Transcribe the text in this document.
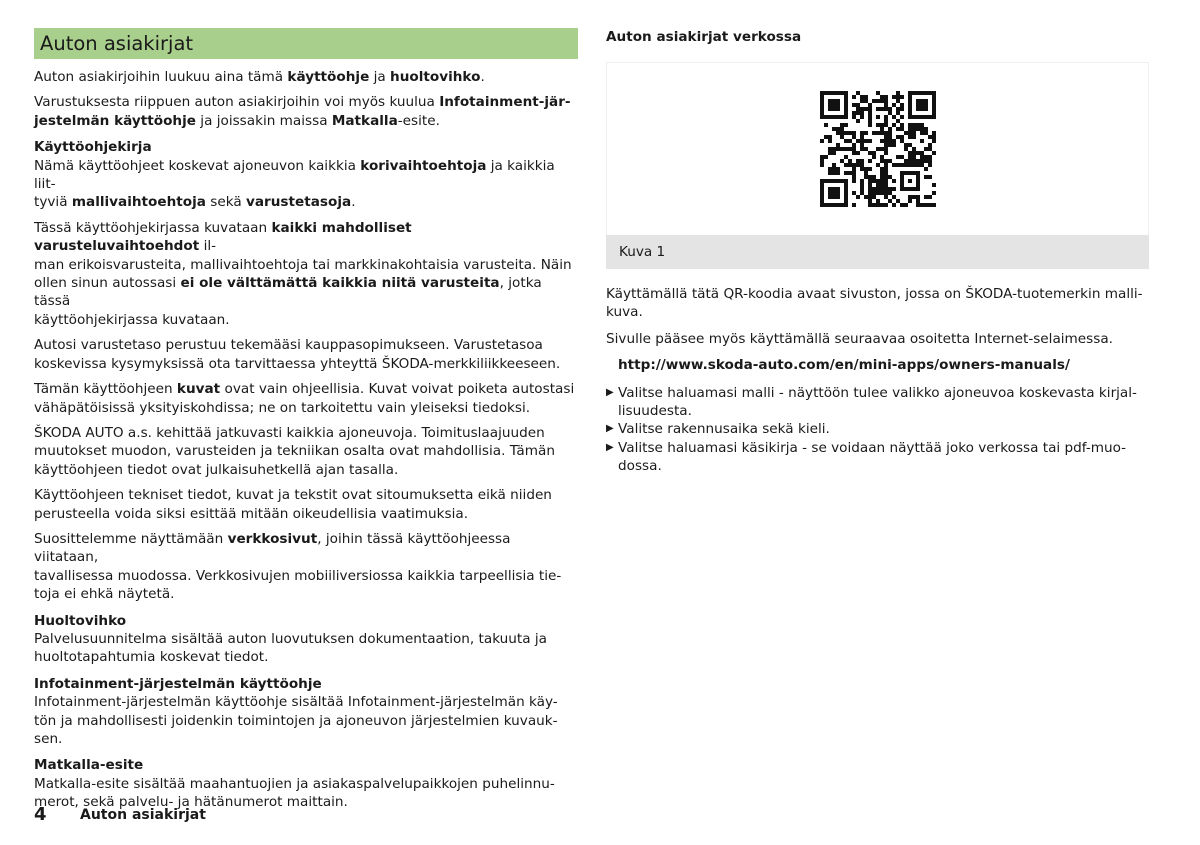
Auton asiakirjat

Auton asiakirjoihin luukuu aina tämä käyttöohje ja huoltovihko.

Varustuksesta riippuen auton asiakirjoihin voi myös kuulua Infotainment-jär-
jestelmän käyttöohje ja joissakin maissa Matkalla-esite.

Käyttöohjekirja

Nämä käyttöohjeet koskevat ajoneuvon kaikkia korivaihtoehtoja ja kaikkia liit-
tyviä mallivaihtoehtoja sekä varustetasoja.

Tässä käyttöohjekirjassa kuvataan kaikki mahdolliset varusteluvaihtoehdot il-
man erikoisvarusteita, mallivaihtoehtoja tai markkinakohtaisia varusteita. Näin
ollen sinun autossasi ei ole välttämättä kaikkia niitä varusteita, jotka tässä
käyttöohjekirjassa kuvataan.

Autosi varustetaso perustuu tekemääsi kauppasopimukseen. Varustetasoa
koskevissa kysymyksissä ota tarvittaessa yhteyttä ŠKODA-merkkiliikkeeseen.

Tämän käyttöohjeen kuvat ovat vain ohjeellisia. Kuvat voivat poiketa autostasi
vähäpätöisissä yksityiskohdissa; ne on tarkoitettu vain yleiseksi tiedoksi.

ŠKODA AUTO a.s. kehittää jatkuvasti kaikkia ajoneuvoja. Toimituslaajuuden
muutokset muodon, varusteiden ja tekniikan osalta ovat mahdollisia. Tämän
käyttöohjeen tiedot ovat julkaisuhetkellä ajan tasalla.

Käyttöohjeen tekniset tiedot, kuvat ja tekstit ovat sitoumuksetta eikä niiden
perusteella voida siksi esittää mitään oikeudellisia vaatimuksia.

Suosittelemme näyttämään verkkosivut, joihin tässä käyttöohjeessa viitataan,
tavallisessa muodossa. Verkkosivujen mobiiliversiossa kaikkia tarpeellisia tie-
toja ei ehkä näytetä.

Huoltovihko

Palvelusuunnitelma sisältää auton luovutuksen dokumentaation, takuuta ja
huoltotapahtumia koskevat tiedot.

Infotainment-järjestelmän käyttöohje

Infotainment-järjestelmän käyttöohje sisältää Infotainment-järjestelmän käy-
tön ja mahdollisesti joidenkin toimintojen ja ajoneuvon järjestelmien kuvauk-
sen.

Matkalla-esite

Matkalla-esite sisältää maahantuojien ja asiakaspalvelupaikkojen puhelinnu-
merot, sekä palvelu- ja hätänumerot maittain.

Auton asiakirjat verkossa

Kuva 1

Käyttämällä tätä QR-koodia avaat sivuston, jossa on ŠKODA-tuotemerkin malli-
kuva.

Sivulle pääsee myös käyttämällä seuraavaa osoitetta Internet-selaimessa.

http://www.skoda-auto.com/en/mini-apps/owners-manuals/

▶ Valitse haluamasi malli - näyttöön tulee valikko ajoneuvoa koskevasta kirjal-
lisuudesta.
▶ Valitse rakennusaika sekä kieli.
▶ Valitse haluamasi käsikirja - se voidaan näyttää joko verkossa tai pdf-muo-
dossa.
4 Auton asiakirjat
